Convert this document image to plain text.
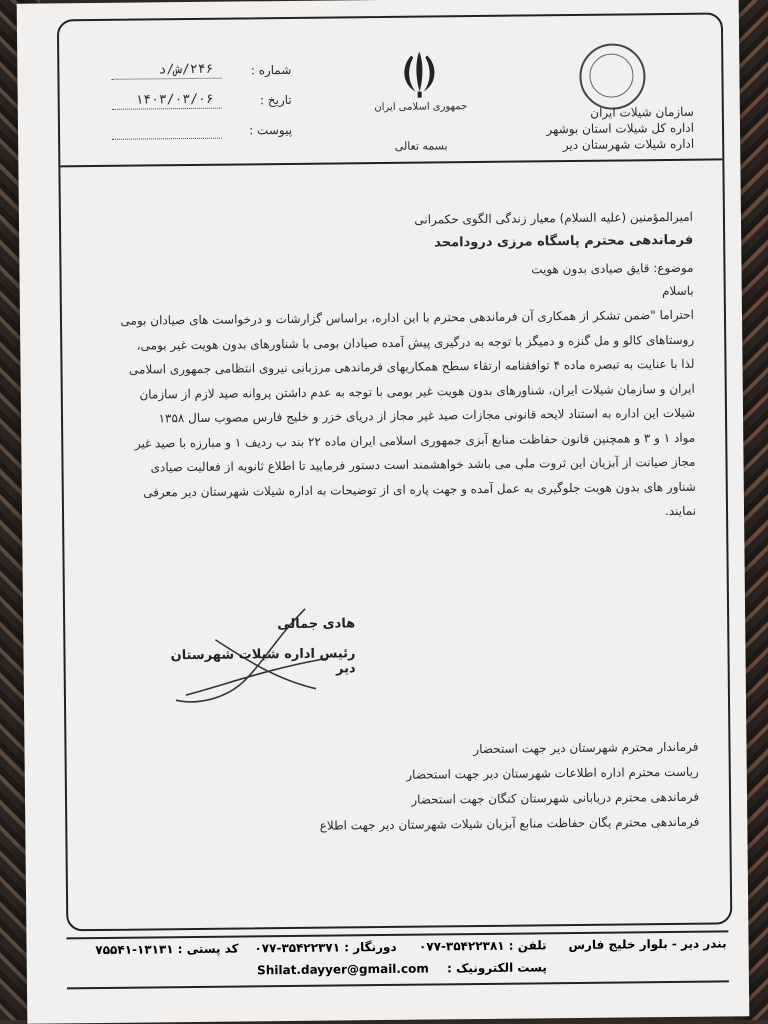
جمهوری اسلامی ایران
بسمه تعالی
سازمان شیلات ایران
اداره کل شیلات استان بوشهر
اداره شیلات شهرستان دیر
شماره :
۲۴۶/ش/د
تاریخ :
۱۴۰۳/۰۳/۰۶
پیوست :
امیرالمؤمنین (علیه السلام) معیار زندگی الگوی حکمرانی
فرماندهی محترم پاسگاه مرزی درودامحد
موضوع: قایق صیادی بدون هویت
باسلام
احتراما "ضمن تشکر از همکاری آن فرماندهی محترم با این اداره، براساس گزارشات و درخواست های صیادان بومی
روستاهای کالو و مل گنزه و دمیگز با توجه به درگیری پیش آمده صیادان بومی با شناورهای بدون هویت غیر بومی،
لذا با عنایت به تبصره ماده ۴ توافقنامه ارتقاء سطح همکاریهای فرماندهی مرزبانی نیروی انتظامی جمهوری اسلامی
ایران و سازمان شیلات ایران، شناورهای بدون هویت غیر بومی با توجه به عدم داشتن پروانه صید لازم از سازمان
شیلات این اداره به استناد لایحه قانونی مجازات صید غیر مجاز از دریای خزر و خلیج فارس مصوب سال ۱۳۵۸
مواد ۱ و ۳ و همچنین قانون حفاظت منابع آبزی جمهوری اسلامی ایران ماده ۲۲ بند ب ردیف ۱ و مبارزه با صید غیر
مجاز صیانت از آبزیان این ثروت ملی می باشد خواهشمند است دستور فرمایید تا اطلاع ثانویه از فعالیت صیادی
شناور های بدون هویت جلوگیری به عمل آمده و جهت پاره ای از توضیحات به اداره شیلات شهرستان دیر معرفی
نمایند.
هادی جمالی
رئیس اداره شیلات شهرستان دیر
فرماندار محترم شهرستان دیر جهت استحضار
ریاست محترم اداره اطلاعات شهرستان دیر جهت استحضار
فرماندهی محترم دریابانی شهرستان کنگان جهت استحضار
فرماندهی محترم یگان حفاظت منابع آبزیان شیلات شهرستان دیر جهت اطلاع
بندر دیر - بلوار خلیج فارس
تلفن : ۳۵۴۲۲۳۸۱-۰۷۷
دورنگار : ۳۵۴۲۲۳۷۱-۰۷۷
کد پستی : ۱۳۱۳۱-۷۵۵۴۱
پست الکترونیک :
Shilat.dayyer@gmail.com
